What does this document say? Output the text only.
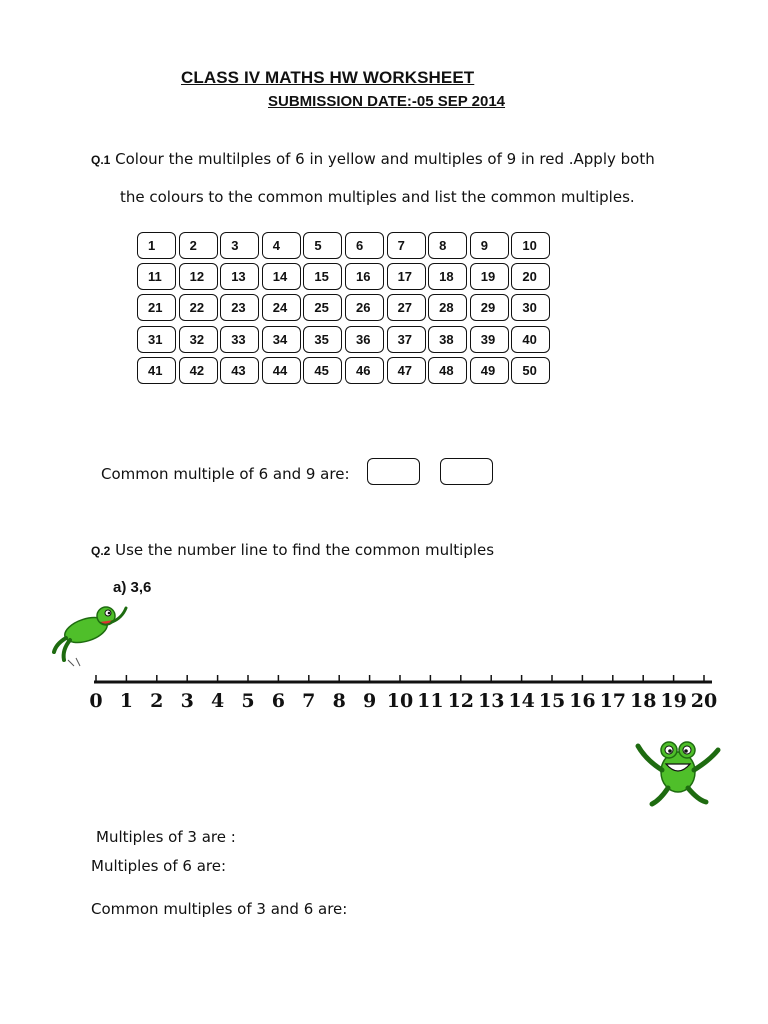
CLASS IV MATHS HW WORKSHEET
SUBMISSION DATE:-05 SEP 2014
Q.1 Colour the multilples of 6 in yellow and multiples of 9 in red .Apply both
the colours to the common multiples and list the common multiples.
1	2	3	4	5	6	7	8	9	10
11	12	13	14	15	16	17	18	19	20
21	22	23	24	25	26	27	28	29	30
31	32	33	34	35	36	37	38	39	40
41	42	43	44	45	46	47	48	49	50
Common multiple of 6 and 9 are:
Q.2 Use the number line to find the common multiples
a) 3,6
0 1 2 3 4 5 6 7 8 9 10 11 12 13 14 15 16 17 18 19 20
Multiples of 3 are :
Multiples of 6 are:
Common multiples of 3 and 6 are:
